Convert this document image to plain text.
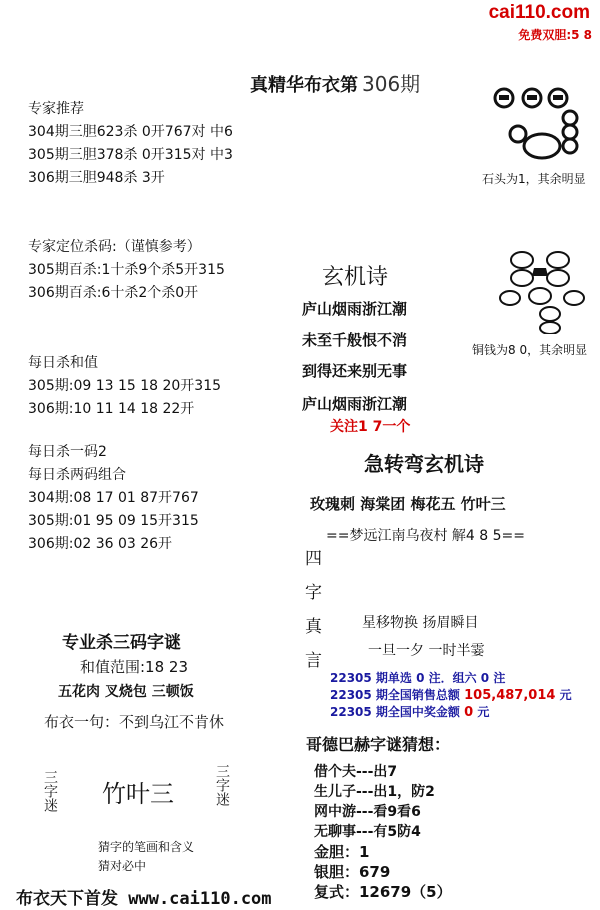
cai110.com
免费双胆:5 8
真精华布衣第 306期
专家推荐
304期三胆623杀 0开767对 中6
305期三胆378杀 0开315对 中3
306期三胆948杀 3开
专家定位杀码:（谨慎参考）
305期百杀:1十杀9个杀5开315
306期百杀:6十杀2个杀0开
每日杀和值
305期:09 13 15 18 20开315
306期:10 11 14 18 22开
每日杀一码2
每日杀两码组合
304期:08 17 01 87开767
305期:01 95 09 15开315
306期:02 36 03 26开
专业杀三码字谜
和值范围:18 23
五花肉 叉烧包 三顿饭
布衣一句：不到乌江不肯休
三字迷 竹叶三	三字迷
猜字的笔画和含义
猜对必中
石头为1，其余明显
铜钱为8 0，其余明显
玄机诗
庐山烟雨浙江潮
未至千般恨不消
到得还来别无事
庐山烟雨浙江潮
关注1 7一个
急转弯玄机诗
玫瑰刺 海棠团 梅花五 竹叶三
==梦远江南乌夜村 解4 8 5==
四
字
真
言
星移物换 扬眉瞬目
一旦一夕 一时半霎
22305 期单选 0 注．组六 0 注
22305 期全国销售总额 105,487,014 元
22305 期全国中奖金额 0 元
哥德巴赫字谜猜想：
借个夫---出7
生儿子---出1，防2
网中游---看9看6
无聊事---有5防4
金胆：1
银胆：679
复式：12679（5）
布衣天下首发 www.cai110.com
